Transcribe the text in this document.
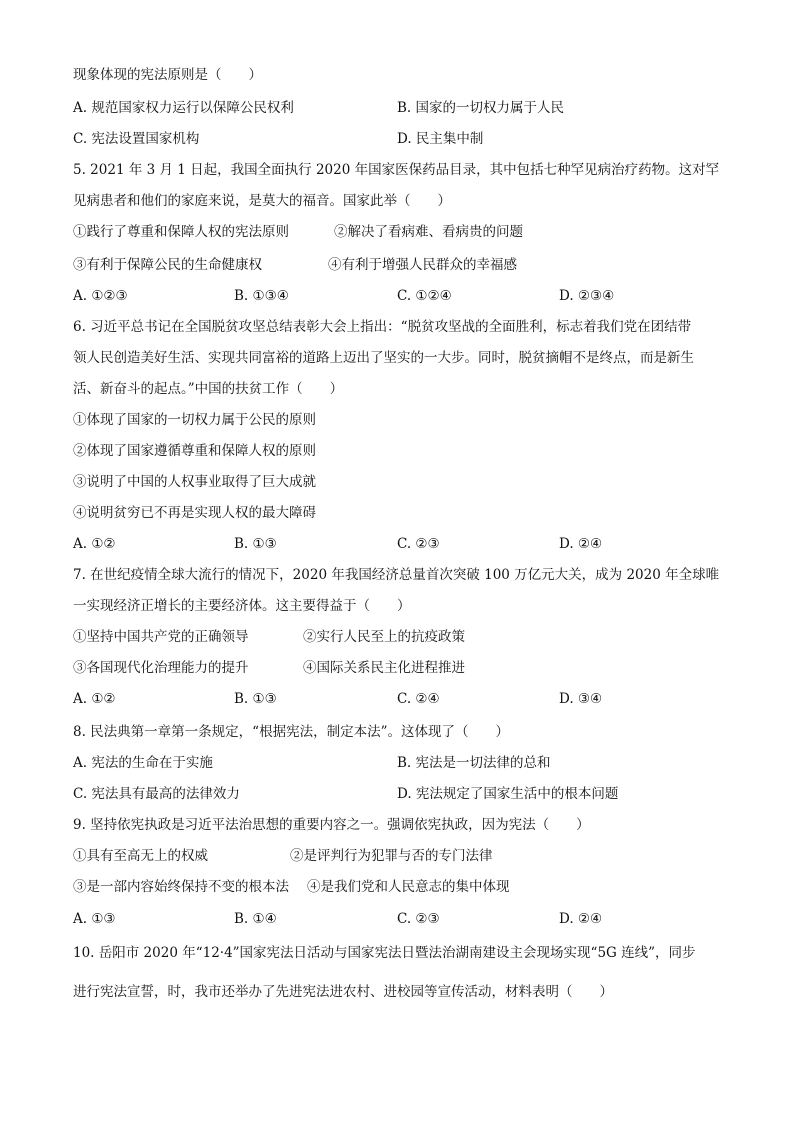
现象体现的宪法原则是（　　）
A. 规范国家权力运行以保障公民权利	B. 国家的一切权力属于人民
C. 宪法设置国家机构	D. 民主集中制
5. 2021 年 3 月 1 日起，我国全面执行 2020 年国家医保药品目录，其中包括七种罕见病治疗药物。这对罕
见病患者和他们的家庭来说，是莫大的福音。国家此举（　　）
①践行了尊重和保障人权的宪法原则	②解决了看病难、看病贵的问题
③有利于保障公民的生命健康权	④有利于增强人民群众的幸福感
A. ①②③	B. ①③④	C. ①②④	D. ②③④
6. 习近平总书记在全国脱贫攻坚总结表彰大会上指出：“脱贫攻坚战的全面胜利，标志着我们党在团结带
领人民创造美好生活、实现共同富裕的道路上迈出了坚实的一大步。同时，脱贫摘帽不是终点，而是新生
活、新奋斗的起点。”中国的扶贫工作（　　）
①体现了国家的一切权力属于公民的原则
②体现了国家遵循尊重和保障人权的原则
③说明了中国的人权事业取得了巨大成就
④说明贫穷已不再是实现人权的最大障碍
A. ①②	B. ①③	C. ②③	D. ②④
7. 在世纪疫情全球大流行的情况下，2020 年我国经济总量首次突破 100 万亿元大关，成为 2020 年全球唯
一实现经济正增长的主要经济体。这主要得益于（　　）
①坚持中国共产党的正确领导	②实行人民至上的抗疫政策
③各国现代化治理能力的提升	④国际关系民主化进程推进
A. ①②	B. ①③	C. ②④	D. ③④
8. 民法典第一章第一条规定，“根据宪法，制定本法”。这体现了（　　）
A. 宪法的生命在于实施	B. 宪法是一切法律的总和
C. 宪法具有最高的法律效力	D. 宪法规定了国家生活中的根本问题
9. 坚持依宪执政是习近平法治思想的重要内容之一。强调依宪执政，因为宪法（　　）
①具有至高无上的权威	②是评判行为犯罪与否的专门法律
③是一部内容始终保持不变的根本法 ④是我们党和人民意志的集中体现
A. ①③	B. ①④	C. ②③	D. ②④
10. 岳阳市 2020 年“12·4”国家宪法日活动与国家宪法日暨法治湖南建设主会现场实现“5G 连线”，同步
进行宪法宣誓，时，我市还举办了先进宪法进农村、进校园等宣传活动，材料表明（　　）
